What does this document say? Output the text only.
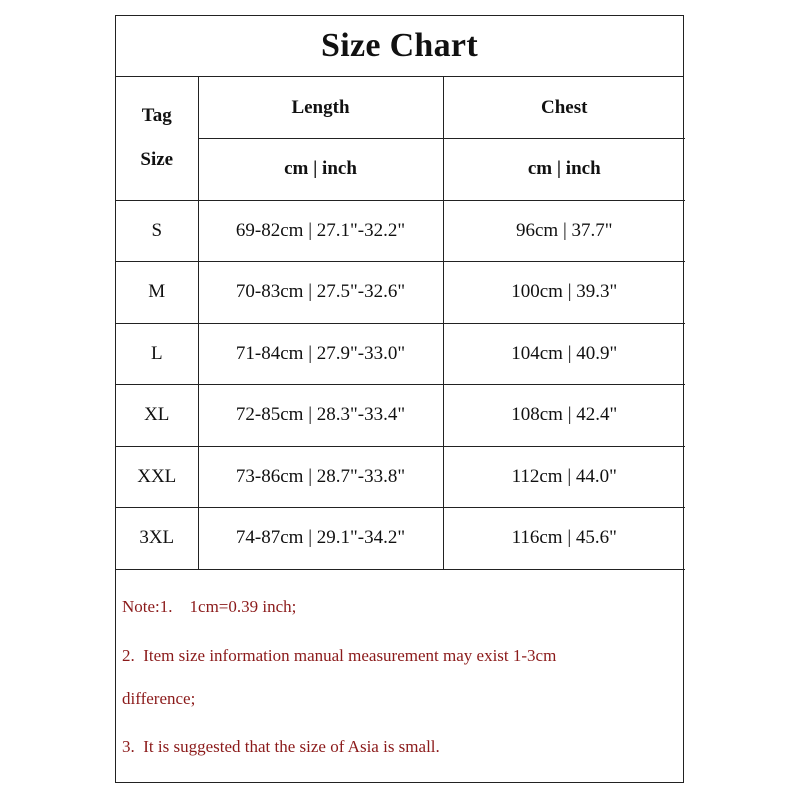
Size Chart
Tag
Size	Length	Chest
	cm | inch	cm | inch
S	69-82cm | 27.1"-32.2"	96cm | 37.7"
M	70-83cm | 27.5"-32.6"	100cm | 39.3"
L	71-84cm | 27.9"-33.0"	104cm | 40.9"
XL	72-85cm | 28.3"-33.4"	108cm | 42.4"
XXL	73-86cm | 28.7"-33.8"	112cm | 44.0"
3XL	74-87cm | 29.1"-34.2"	116cm | 45.6"
Note:1.    1cm=0.39 inch;
2.  Item size information manual measurement may exist 1-3cm
difference;
3.  It is suggested that the size of Asia is small.
